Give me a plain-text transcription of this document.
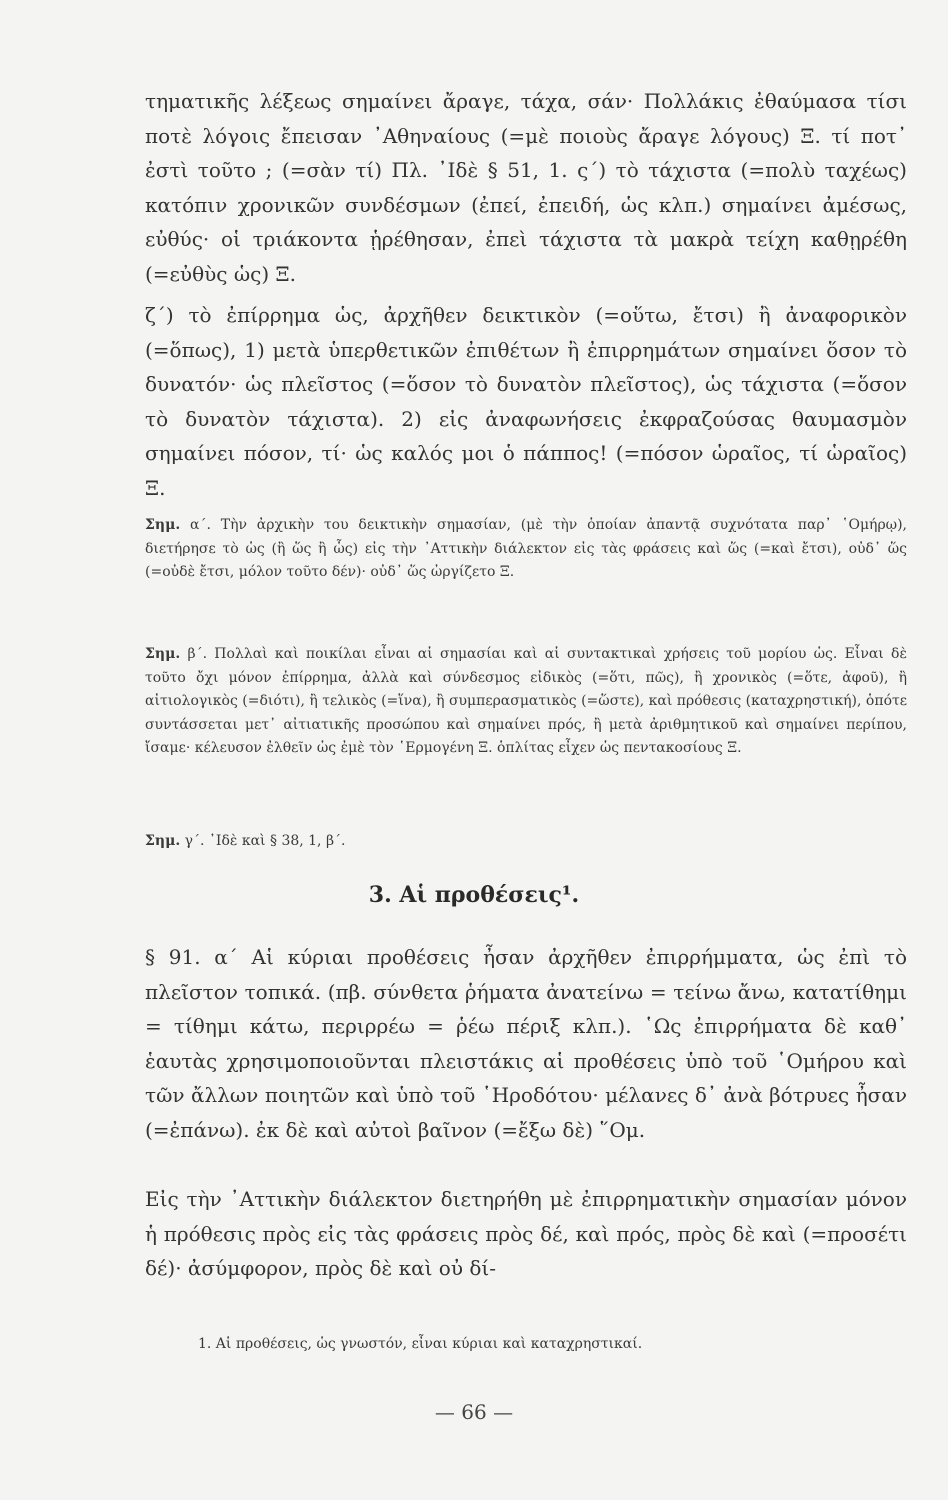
τηματικῆς λέξεως σημαίνει ἄραγε, τάχα, σάν· Πολλάκις ἐθαύμασα τίσι ποτὲ λόγοις ἔπεισαν ᾿Αθηναίους (=μὲ ποιοὺς ἄραγε λόγους) Ξ. τί ποτ᾿ ἐστὶ τοῦτο ; (=σὰν τί) Πλ. ᾿Ιδὲ § 51, 1. ς΄) τὸ τάχιστα (=πολὺ ταχέως) κατόπιν χρονικῶν συνδέσμων (ἐπεί, ἐπειδή, ὡς κλπ.) σημαίνει ἀμέσως, εὐθύς· οἱ τριάκοντα ᾑρέθησαν, ἐπεὶ τάχιστα τὰ μακρὰ τείχη καθῃρέθη (=εὐθὺς ὡς) Ξ.

ζ΄) τὸ ἐπίρρημα ὡς, ἀρχῆθεν δεικτικὸν (=οὕτω, ἔτσι) ἢ ἀναφορικὸν (=ὅπως), 1) μετὰ ὑπερθετικῶν ἐπιθέτων ἢ ἐπιρρημάτων σημαίνει ὅσον τὸ δυνατόν· ὡς πλεῖστος (=ὅσον τὸ δυνατὸν πλεῖστος), ὡς τάχιστα (=ὅσον τὸ δυνατὸν τάχιστα). 2) εἰς ἀναφωνήσεις ἐκφραζούσας θαυμασμὸν σημαίνει πόσον, τί· ὡς καλός μοι ὁ πάππος! (=πόσον ὡραῖος, τί ὡραῖος) Ξ.

Σημ. α΄. Τὴν ἀρχικὴν του δεικτικὴν σημασίαν, (μὲ τὴν ὁποίαν ἀπαντᾷ συχνότατα παρ᾿ ῾Ομήρῳ), διετήρησε τὸ ὡς (ἢ ὥς ἢ ὧς) εἰς τὴν ᾿Αττικὴν διάλεκτον εἰς τὰς φράσεις καὶ ὥς (=καὶ ἔτσι), οὐδ᾿ ὥς (=οὐδὲ ἔτσι, μόλον τοῦτο δέν)· οὐδ᾿ ὥς ὠργίζετο Ξ.

Σημ. β΄. Πολλαὶ καὶ ποικίλαι εἶναι αἱ σημασίαι καὶ αἱ συντακτικαὶ χρήσεις τοῦ μορίου ὡς. Εἶναι δὲ τοῦτο ὄχι μόνον ἐπίρρημα, ἀλλὰ καὶ σύνδεσμος εἰδικὸς (=ὅτι, πῶς), ἢ χρονικὸς (=ὅτε, ἀφοῦ), ἢ αἰτιολογικὸς (=διότι), ἢ τελικὸς (=ἵνα), ἢ συμπερασματικὸς (=ὥστε), καὶ πρόθεσις (καταχρηστική), ὁπότε συντάσσεται μετ᾿ αἰτιατικῆς προσώπου καὶ σημαίνει πρός, ἢ μετὰ ἀριθμητικοῦ καὶ σημαίνει περίπου, ἴσαμε· κέλευσον ἐλθεῖν ὡς ἐμὲ τὸν ῾Ερμογένη Ξ. ὁπλίτας εἶχεν ὡς πεντακοσίους Ξ.

Σημ. γ΄. ᾿Ιδὲ καὶ § 38, 1, β΄.

3. Αἱ προθέσεις¹.

§ 91. α΄ Αἱ κύριαι προθέσεις ἦσαν ἀρχῆθεν ἐπιρρήμματα, ὡς ἐπὶ τὸ πλεῖστον τοπικά. (πβ. σύνθετα ῥήματα ἀνατείνω = τείνω ἄνω, κατατίθημι = τίθημι κάτω, περιρρέω = ῥέω πέριξ κλπ.). ῾Ως ἐπιρρήματα δὲ καθ᾿ ἑαυτὰς χρησιμοποιοῦνται πλειστάκις αἱ προθέσεις ὑπὸ τοῦ ῾Ομήρου καὶ τῶν ἄλλων ποιητῶν καὶ ὑπὸ τοῦ ῾Ηροδότου· μέλανες δ᾿ ἀνὰ βότρυες ἦσαν (=ἐπάνω). ἐκ δὲ καὶ αὐτοὶ βαῖνον (=ἔξω δὲ) ῞Ομ.

Εἰς τὴν ᾿Αττικὴν διάλεκτον διετηρήθη μὲ ἐπιρρηματικὴν σημασίαν μόνον ἡ πρόθεσις πρὸς εἰς τὰς φράσεις πρὸς δέ, καὶ πρός, πρὸς δὲ καὶ (=προσέτι δέ)· ἀσύμφορον, πρὸς δὲ καὶ οὐ δί-

1. Αἱ προθέσεις, ὡς γνωστόν, εἶναι κύριαι καὶ καταχρηστικαί.

— 66 —
